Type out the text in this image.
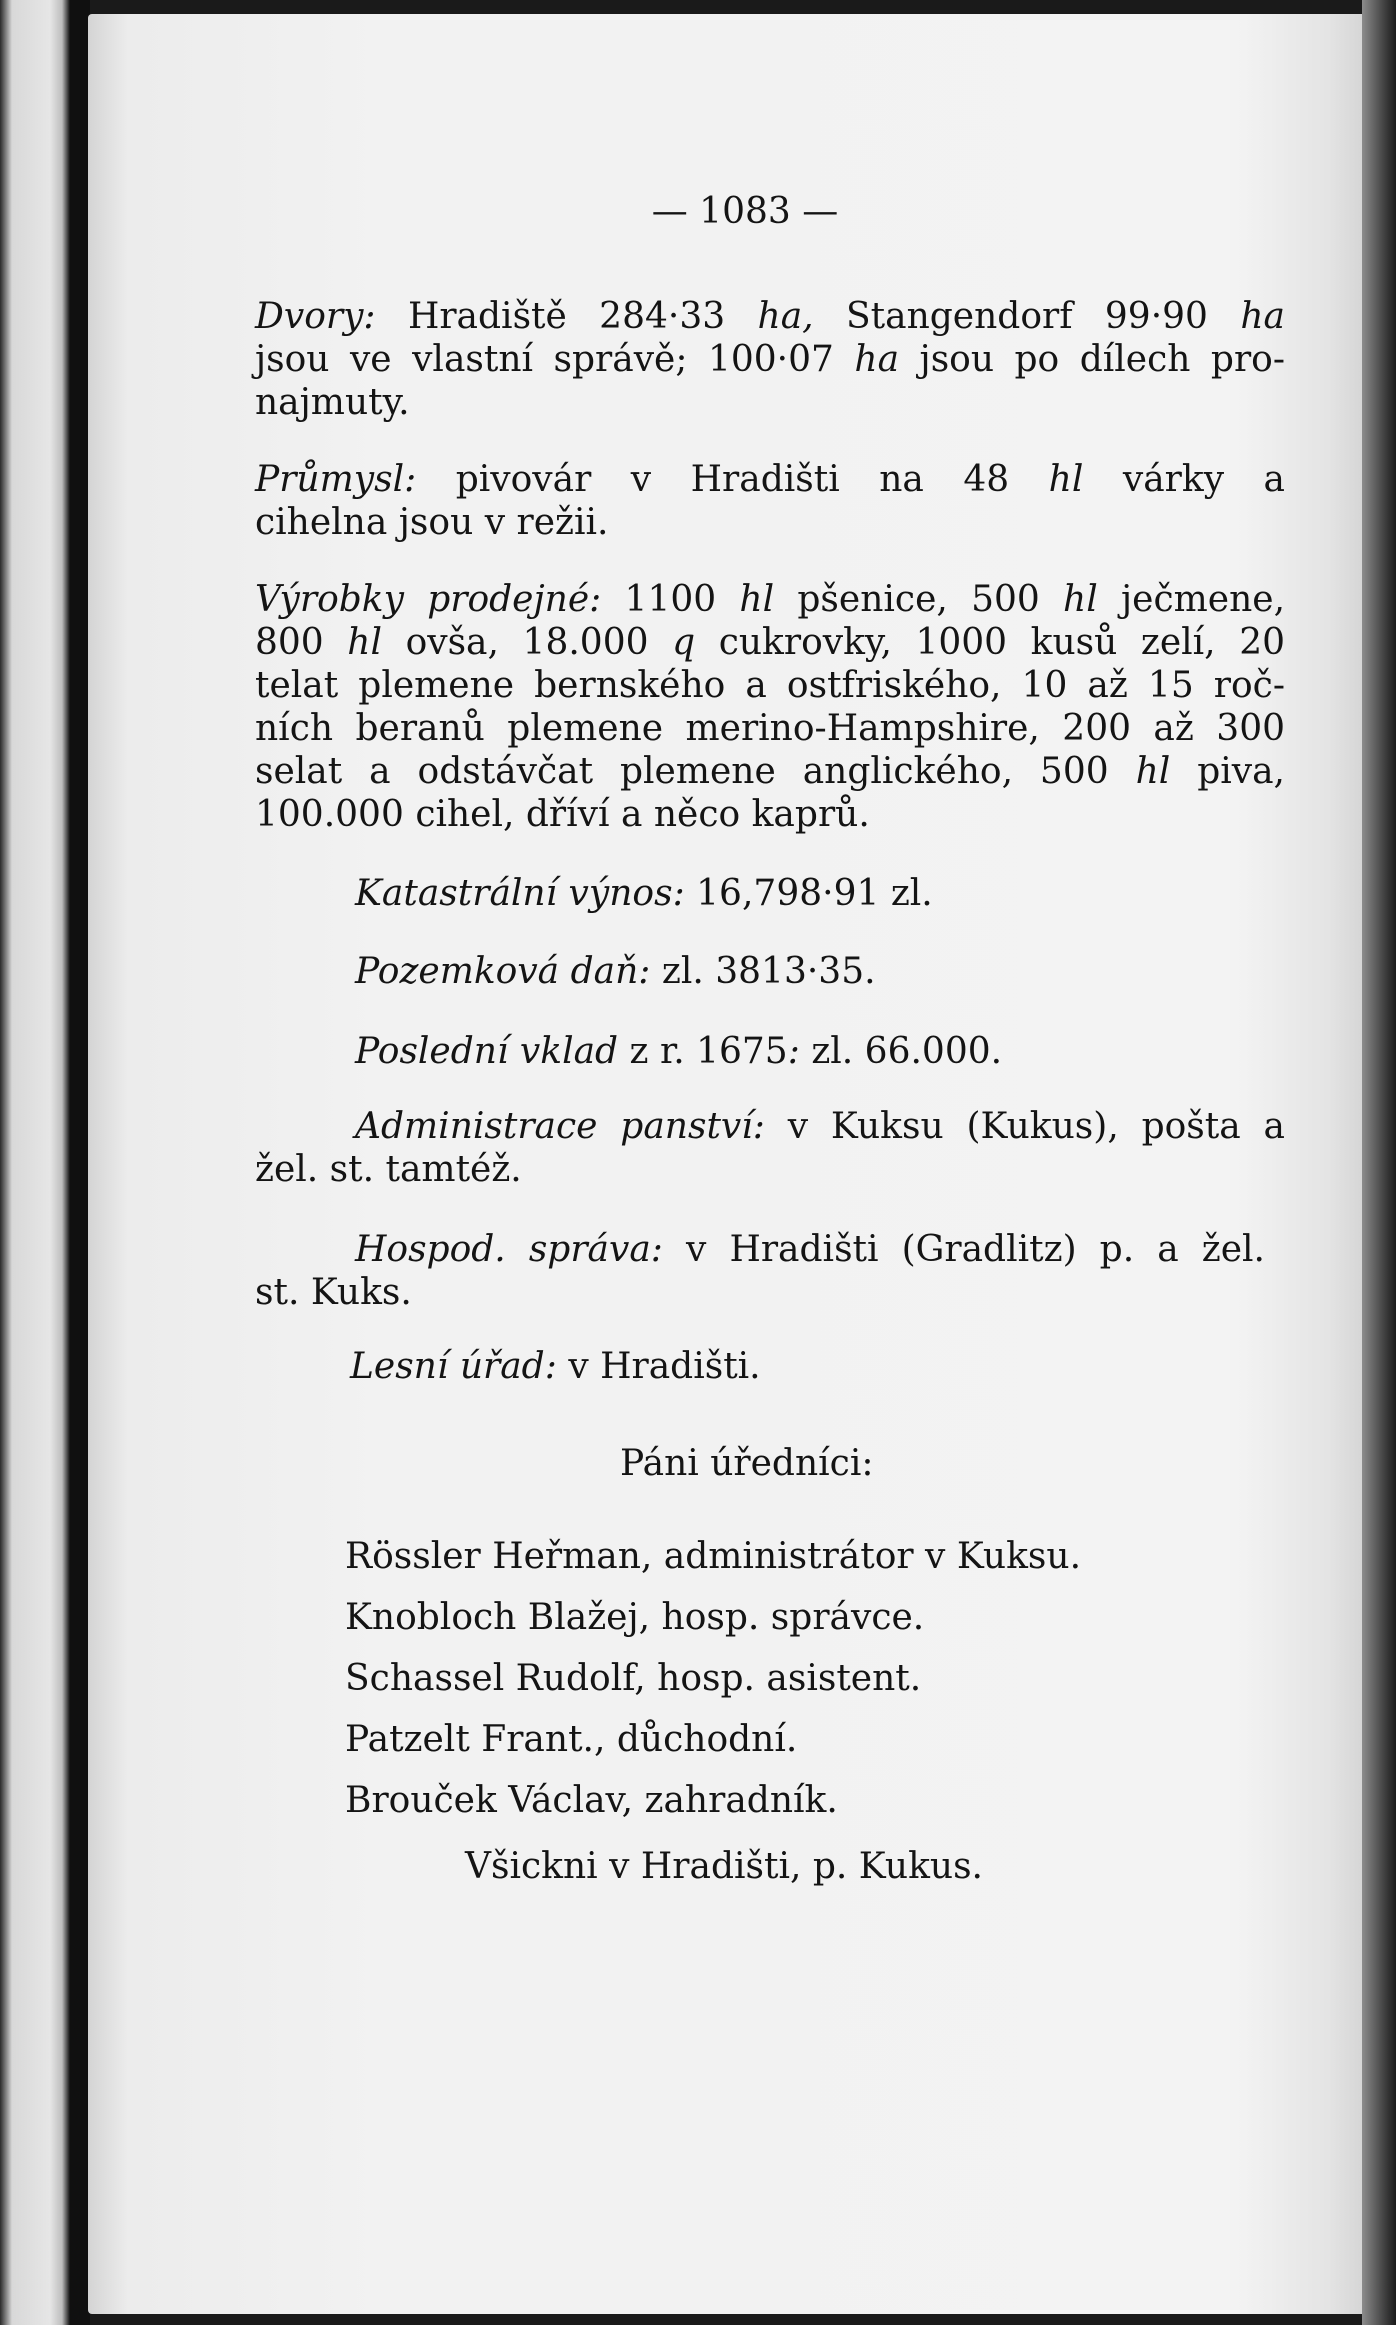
— 1083 —
Dvory: Hradiště 284·33 ha, Stangendorf 99·90 ha
jsou ve vlastní správě; 100·07 ha jsou po dílech pro-
najmuty.
Průmysl: pivovár v Hradišti na 48 hl várky a
cihelna jsou v režii.
Výrobky prodejné: 1100 hl pšenice, 500 hl ječmene,
800 hl ovša, 18.000 q cukrovky, 1000 kusů zelí, 20
telat plemene bernského a ostfriského, 10 až 15 roč-
ních beranů plemene merino-Hampshire, 200 až 300
selat a odstávčat plemene anglického, 500 hl piva,
100.000 cihel, dříví a něco kaprů.
Katastrální výnos: 16,798·91 zl.
Pozemková daň: zl. 3813·35.
Poslední vklad z r. 1675: zl. 66.000.
Administrace panství: v Kuksu (Kukus), pošta a
žel. st. tamtéž.
Hospod. správa: v Hradišti (Gradlitz) p. a žel.
st. Kuks.
Lesní úřad: v Hradišti.
Páni úředníci:
Rössler Heřman, administrátor v Kuksu.
Knobloch Blažej, hosp. správce.
Schassel Rudolf, hosp. asistent.
Patzelt Frant., důchodní.
Brouček Václav, zahradník.
Všickni v Hradišti, p. Kukus.
